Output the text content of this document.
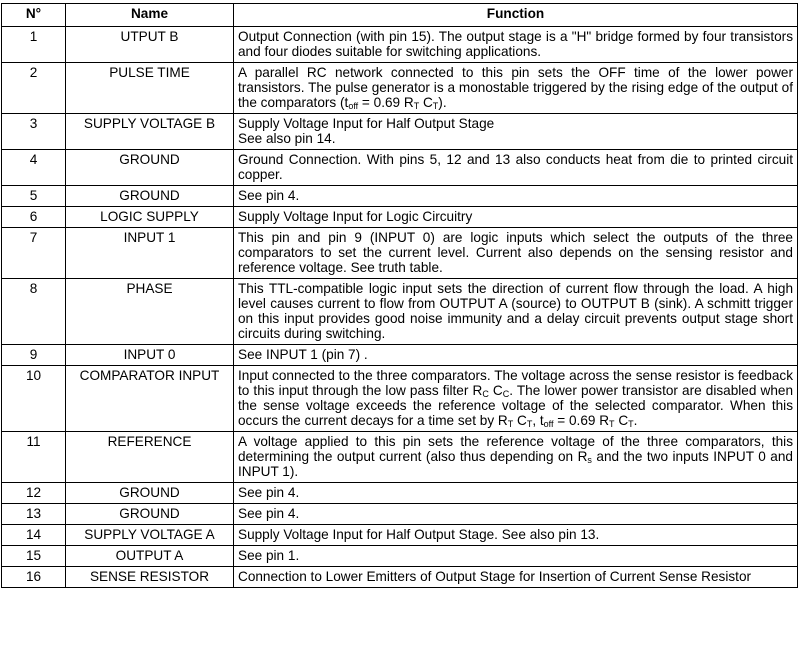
N°	Name	Function
1	UTPUT B	Output Connection (with pin 15). The output stage is a "H" bridge formed by four transistors and four diodes suitable for switching applications.
2	PULSE TIME	A parallel RC network connected to this pin sets the OFF time of the lower power transistors. The pulse generator is a monostable triggered by the rising edge of the output of the comparators ($t_{off} = 0.69$ $R_T$ $C_T$).
3	SUPPLY VOLTAGE B	Supply Voltage Input for Half Output Stage
See also pin 14.

4	GROUND	Ground Connection. With pins 5, 12 and 13 also conducts heat from die to printed circuit copper.
5	GROUND	See pin 4.
6	LOGIC SUPPLY	Supply Voltage Input for Logic Circuitry
7	INPUT 1	This pin and pin 9 (INPUT 0) are logic inputs which select the outputs of the three comparators to set the current level. Current also depends on the sensing resistor and reference voltage. See truth table.
8	PHASE	This TTL-compatible logic input sets the direction of current flow through the load. A high level causes current to flow from OUTPUT A (source) to OUTPUT B (sink). A schmitt trigger on this input provides good noise immunity and a delay circuit prevents output stage short circuits during switching.
9	INPUT 0	See INPUT 1 (pin 7) .
10	COMPARATOR INPUT	Input connected to the three comparators. The voltage across the sense resistor is feedback to this input through the low pass filter $R_C$ $C_C$. The lower power transistor are disabled when the sense voltage exceeds the reference voltage of the selected comparator. When this occurs the current decays for a time set by $R_T$ $C_T$, $t_{off} = 0.69$ $R_T$ $C_T$.
11	REFERENCE	A voltage applied to this pin sets the reference voltage of the three comparators, this determining the output current (also thus depending on $R_s$ and the two inputs INPUT 0 and INPUT 1).
12	GROUND	See pin 4.
13	GROUND	See pin 4.
14	SUPPLY VOLTAGE A	Supply Voltage Input for Half Output Stage. See also pin 13.
15	OUTPUT A	See pin 1.
16	SENSE RESISTOR	Connection to Lower Emitters of Output Stage for Insertion of Current Sense Resistor
